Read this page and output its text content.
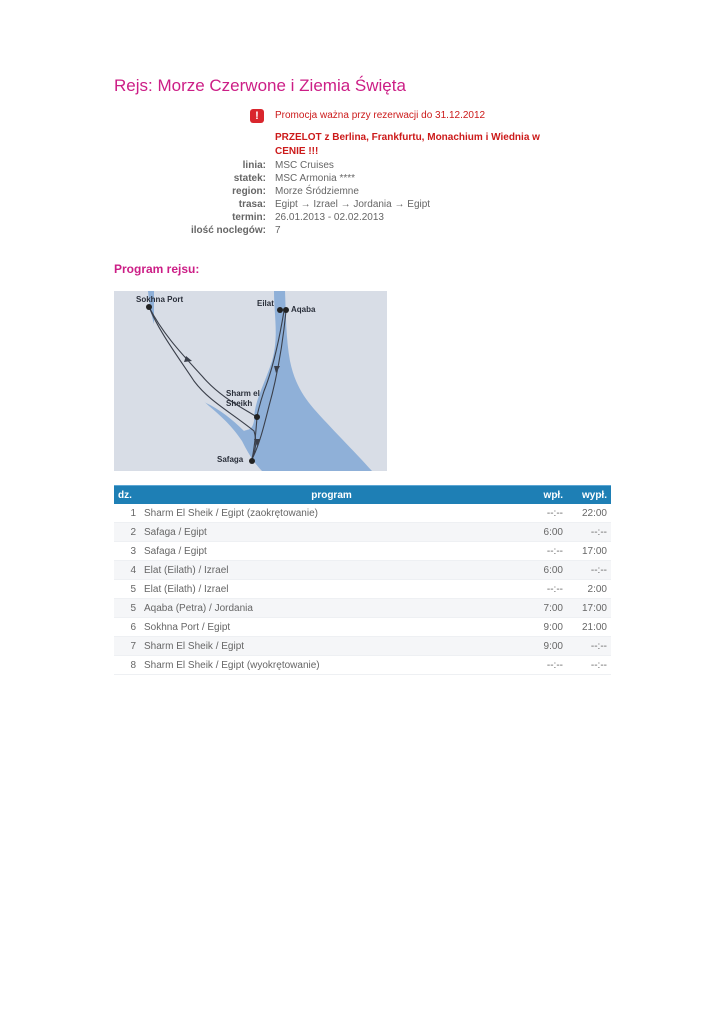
Rejs: Morze Czerwone i Ziemia Święta
!	Promocja ważna przy rezerwacji do 31.12.2012
PRZELOT z Berlina, Frankfurtu, Monachium i Wiednia w CENIE !!!
linia:	MSC Cruises
statek:	MSC Armonia ****
region:	Morze Śródziemne
trasa:	Egipt → Izrael → Jordania → Egipt
termin:	26.01.2013 - 02.02.2013
ilość noclegów:	7
Program rejsu:
Sokhna Port	Eilat
Aqaba
Sharm el
Sheikh
Safaga
dz.	program	wpł.	wypł.
1	Sharm El Sheik / Egipt (zaokrętowanie)	--:--	22:00
2	Safaga / Egipt	6:00	--:--
3	Safaga / Egipt	--:--	17:00
4	Elat (Eilath) / Izrael	6:00	--:--
5	Elat (Eilath) / Izrael	--:--	2:00
5	Aqaba (Petra) / Jordania	7:00	17:00
6	Sokhna Port / Egipt	9:00	21:00
7	Sharm El Sheik / Egipt	9:00	--:--
8	Sharm El Sheik / Egipt (wyokrętowanie)	--:--	--:--
